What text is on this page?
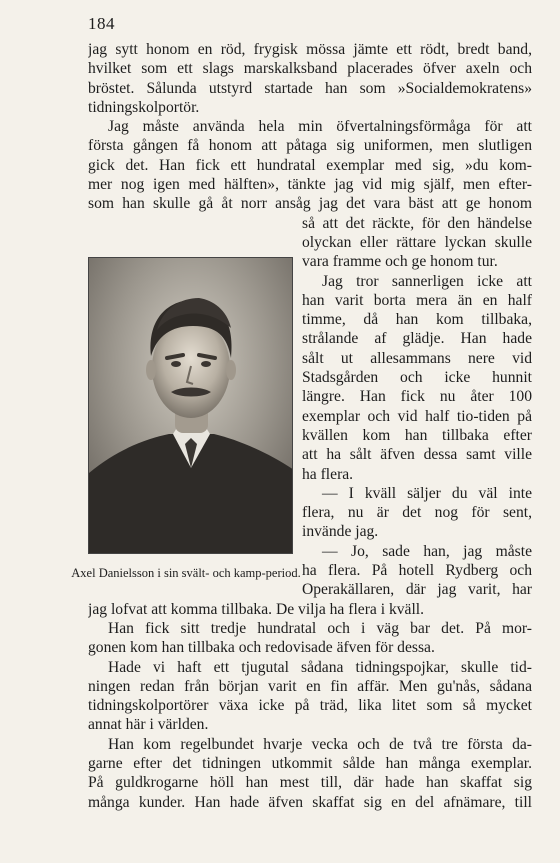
184
jag sytt honom en röd, frygisk mössa jämte ett rödt, bredt band,
hvilket som ett slags marskalksband placerades öfver axeln och
bröstet. Sålunda utstyrd startade han som »Socialdemokratens»
tidningskolportör.
Jag måste använda hela min öfvertalningsförmåga för att
första gången få honom att påtaga sig uniformen, men slutligen
gick det. Han fick ett hundratal exemplar med sig, »du kom-
mer nog igen med hälften», tänkte jag vid mig själf, men efter-
som han skulle gå åt norr ansåg jag det vara bäst att ge honom
så att det räckte, för den händelse
olyckan eller rättare lyckan skulle
vara framme och ge honom tur.
Jag tror sannerligen icke att
han varit borta mera än en half
timme, då han kom tillbaka,
strålande af glädje. Han hade
sålt ut allesammans nere vid
Stadsgården och icke hunnit
längre. Han fick nu åter 100
exemplar och vid half tio-tiden på
kvällen kom han tillbaka efter
att ha sålt äfven dessa samt ville
ha flera.
— I kväll säljer du väl inte
flera, nu är det nog för sent,
invände jag.
— Jo, sade han, jag måste
ha flera. På hotell Rydberg och
Operakällaren, där jag varit, har
Axel Danielsson i sin svält- och kamp-period.
jag lofvat att komma tillbaka. De vilja ha flera i kväll.
Han fick sitt tredje hundratal och i väg bar det. På mor-
gonen kom han tillbaka och redovisade äfven för dessa.
Hade vi haft ett tjugutal sådana tidningspojkar, skulle tid-
ningen redan från början varit en fin affär. Men gu'nås, sådana
tidningskolportörer växa icke på träd, lika litet som så mycket
annat här i världen.
Han kom regelbundet hvarje vecka och de två tre första da-
garne efter det tidningen utkommit sålde han många exemplar.
På guldkrogarne höll han mest till, där hade han skaffat sig
många kunder. Han hade äfven skaffat sig en del afnämare, till
